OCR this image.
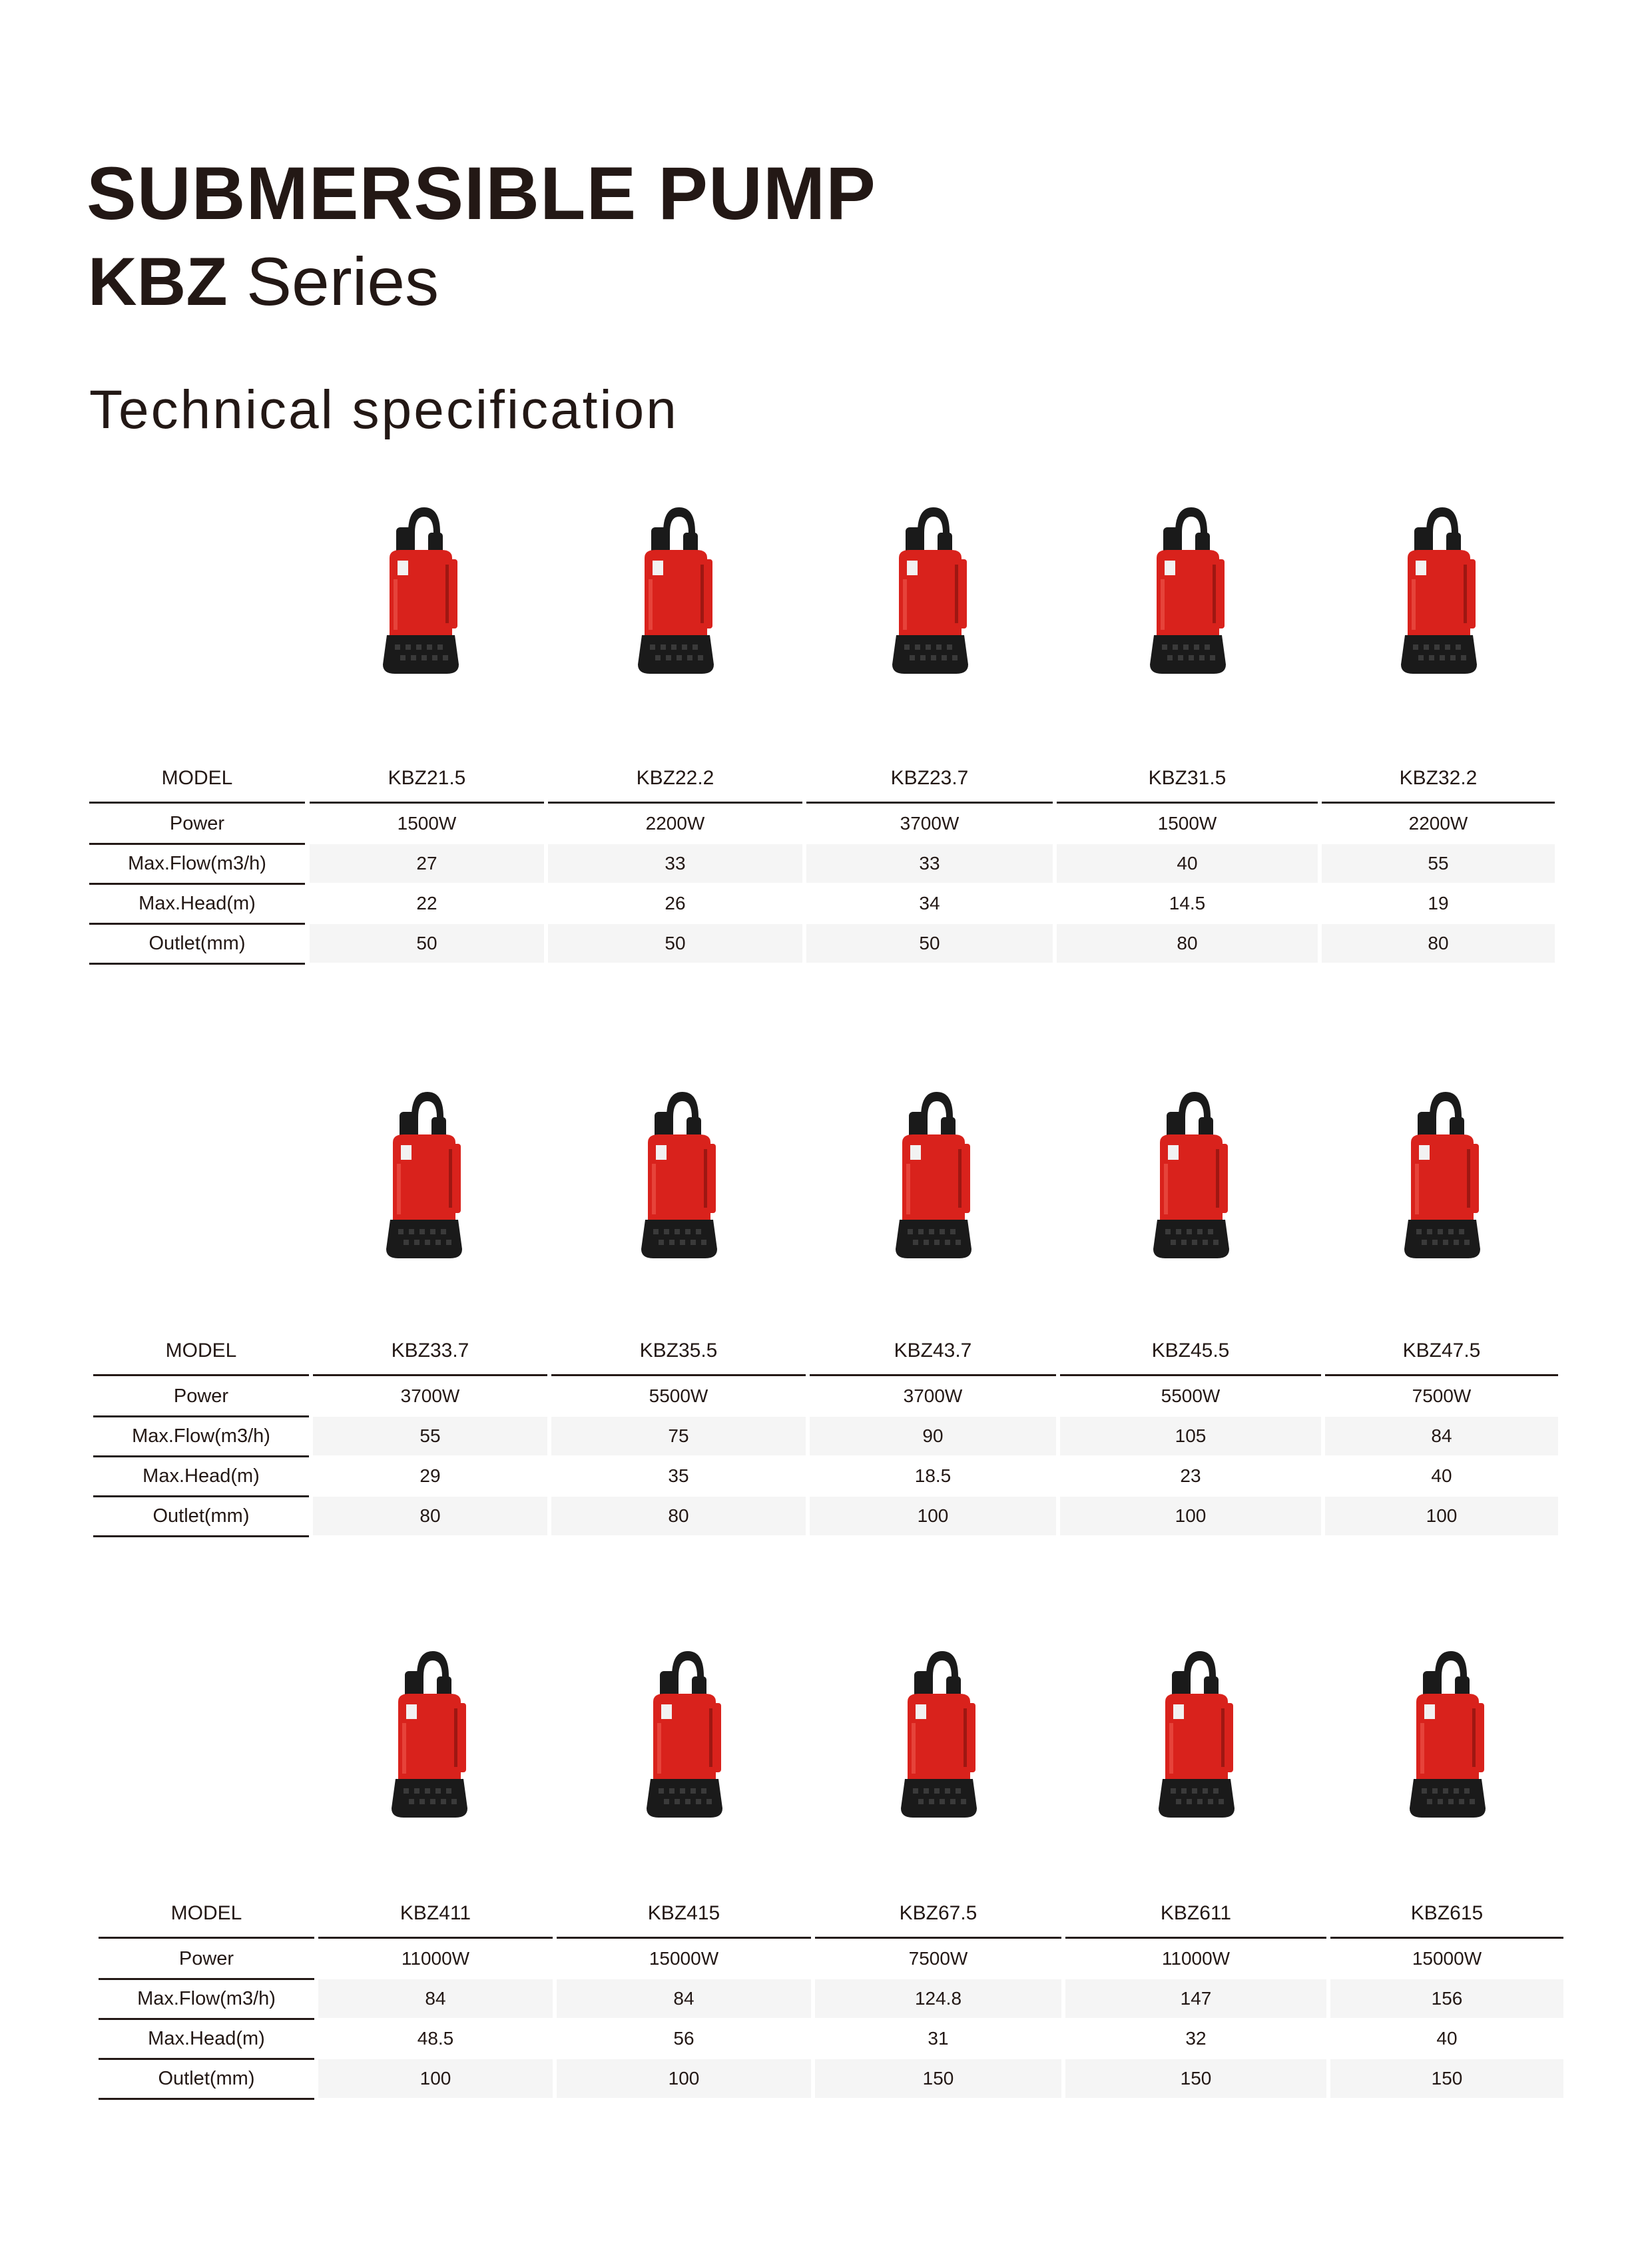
SUBMERSIBLE PUMP
KBZ Series
Technical specification
MODEL	KBZ21.5	KBZ22.2	KBZ23.7	KBZ31.5	KBZ32.2
Power	1500W	2200W	3700W	1500W	2200W
Max.Flow(m3/h)	27	33	33	40	55
Max.Head(m)	22	26	34	14.5	19
Outlet(mm)	50	50	50	80	80
MODEL	KBZ33.7	KBZ35.5	KBZ43.7	KBZ45.5	KBZ47.5
Power	3700W	5500W	3700W	5500W	7500W
Max.Flow(m3/h)	55	75	90	105	84
Max.Head(m)	29	35	18.5	23	40
Outlet(mm)	80	80	100	100	100
MODEL	KBZ411	KBZ415	KBZ67.5	KBZ611	KBZ615
Power	11000W	15000W	7500W	11000W	15000W
Max.Flow(m3/h)	84	84	124.8	147	156
Max.Head(m)	48.5	56	31	32	40
Outlet(mm)	100	100	150	150	150
